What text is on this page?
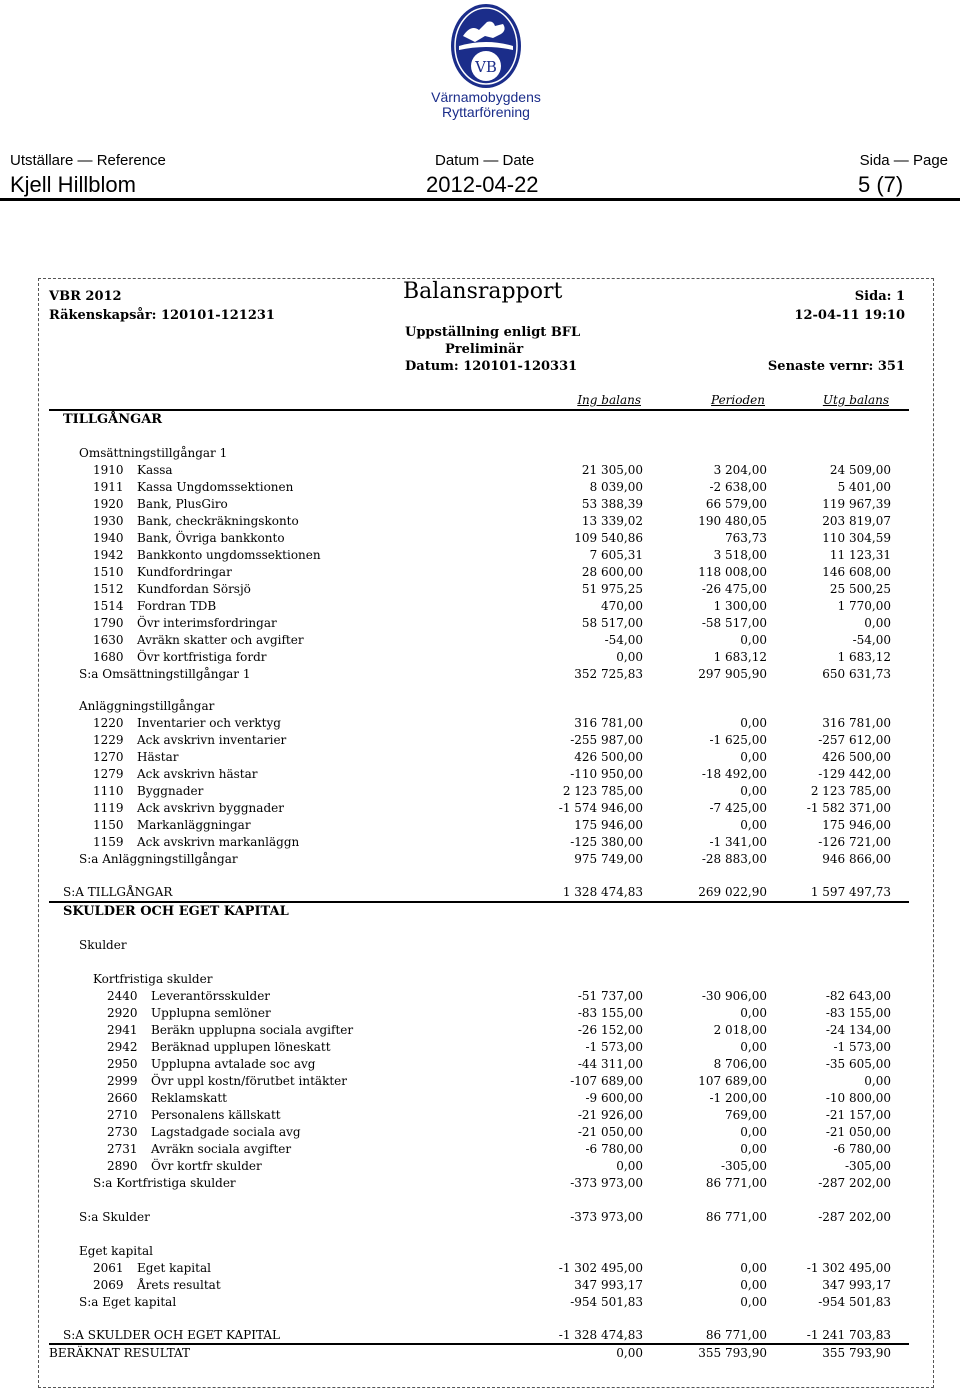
VB
Värnamobygdens
Ryttarförening
Utställare — Reference
Kjell Hillblom
Datum — Date
2012-04-22
Sida — Page
5 (7)
VBR 2012
Räkenskapsår: 120101-121231
Balansrapport
Uppställning enligt BFL
Preliminär
Datum: 120101-120331
Sida: 1
12-04-11 19:10
Senaste vernr: 351
Ing balans	Perioden	Utg balans
TILLGÅNGAR
Omsättningstillgångar 1
1910 Kassa	21 305,00	3 204,00	24 509,00
1911 Kassa Ungdomssektionen	8 039,00	-2 638,00	5 401,00
1920 Bank, PlusGiro	53 388,39	66 579,00	119 967,39
1930 Bank, checkräkningskonto	13 339,02	190 480,05	203 819,07
1940 Bank, Övriga bankkonto	109 540,86	763,73	110 304,59
1942 Bankkonto ungdomssektionen	7 605,31	3 518,00	11 123,31
1510 Kundfordringar	28 600,00	118 008,00	146 608,00
1512 Kundfordan Sörsjö	51 975,25	-26 475,00	25 500,25
1514 Fordran TDB	470,00	1 300,00	1 770,00
1790 Övr interimsfordringar	58 517,00	-58 517,00	0,00
1630 Avräkn skatter och avgifter	-54,00	0,00	-54,00
1680 Övr kortfristiga fordr	0,00	1 683,12	1 683,12
S:a Omsättningstillgångar 1	352 725,83	297 905,90	650 631,73
Anläggningstillgångar
1220 Inventarier och verktyg	316 781,00	0,00	316 781,00
1229 Ack avskrivn inventarier	-255 987,00	-1 625,00	-257 612,00
1270 Hästar	426 500,00	0,00	426 500,00
1279 Ack avskrivn hästar	-110 950,00	-18 492,00	-129 442,00
1110 Byggnader	2 123 785,00	0,00	2 123 785,00
1119 Ack avskrivn byggnader	-1 574 946,00	-7 425,00	-1 582 371,00
1150 Markanläggningar	175 946,00	0,00	175 946,00
1159 Ack avskrivn markanläggn	-125 380,00	-1 341,00	-126 721,00
S:a Anläggningstillgångar	975 749,00	-28 883,00	946 866,00
S:A TILLGÅNGAR	1 328 474,83	269 022,90	1 597 497,73
SKULDER OCH EGET KAPITAL
Skulder
Kortfristiga skulder
2440 Leverantörsskulder	-51 737,00	-30 906,00	-82 643,00
2920 Upplupna semlöner	-83 155,00	0,00	-83 155,00
2941 Beräkn upplupna sociala avgifter	-26 152,00	2 018,00	-24 134,00
2942 Beräknad upplupen löneskatt	-1 573,00	0,00	-1 573,00
2950 Upplupna avtalade soc avg	-44 311,00	8 706,00	-35 605,00
2999 Övr uppl kostn/förutbet intäkter	-107 689,00	107 689,00	0,00
2660 Reklamskatt	-9 600,00	-1 200,00	-10 800,00
2710 Personalens källskatt	-21 926,00	769,00	-21 157,00
2730 Lagstadgade sociala avg	-21 050,00	0,00	-21 050,00
2731 Avräkn sociala avgifter	-6 780,00	0,00	-6 780,00
2890 Övr kortfr skulder	0,00	-305,00	-305,00
S:a Kortfristiga skulder	-373 973,00	86 771,00	-287 202,00
S:a Skulder	-373 973,00	86 771,00	-287 202,00
Eget kapital
2061 Eget kapital	-1 302 495,00	0,00	-1 302 495,00
2069 Årets resultat	347 993,17	0,00	347 993,17
S:a Eget kapital	-954 501,83	0,00	-954 501,83
S:A SKULDER OCH EGET KAPITAL	-1 328 474,83	86 771,00	-1 241 703,83
BERÄKNAT RESULTAT	0,00	355 793,90	355 793,90
